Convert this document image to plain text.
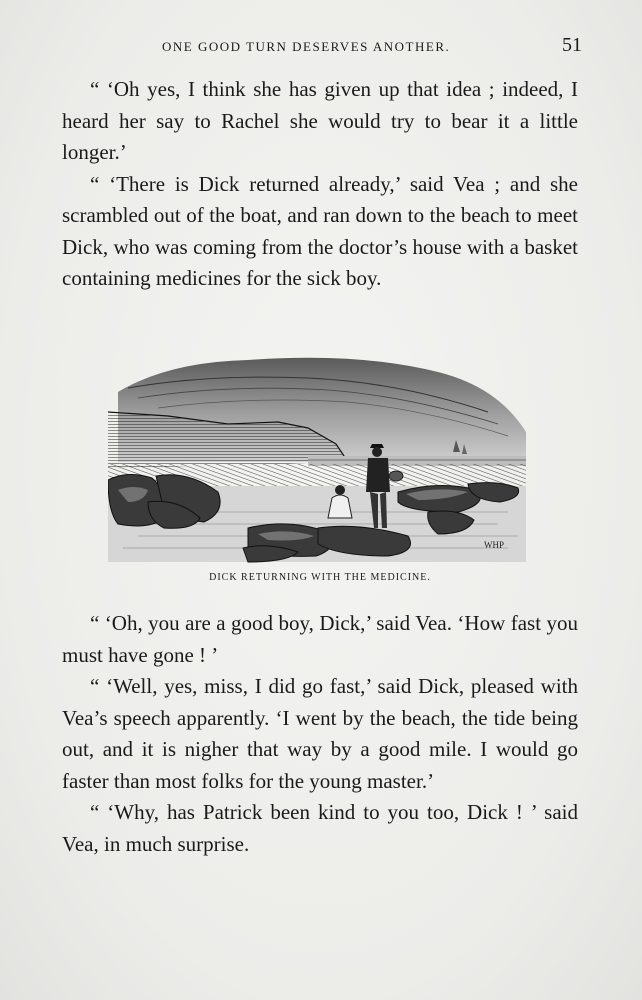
ONE GOOD TURN DESERVES ANOTHER.	51

“ ‘Oh yes, I think she has given up that idea ; indeed, I heard her say to Rachel she would try to bear it a little longer.’

“ ‘There is Dick returned already,’ said Vea ; and she scrambled out of the boat, and ran down to the beach to meet Dick, who was coming from the doctor’s house with a basket containing medicines for the sick boy.

WHP
DICK RETURNING WITH THE MEDICINE.

“ ‘Oh, you are a good boy, Dick,’ said Vea. ‘How fast you must have gone ! ’

“ ‘Well, yes, miss, I did go fast,’ said Dick, pleased with Vea’s speech apparently. ‘I went by the beach, the tide being out, and it is nigher that way by a good mile. I would go faster than most folks for the young master.’

“ ‘Why, has Patrick been kind to you too, Dick ! ’ said Vea, in much surprise.
